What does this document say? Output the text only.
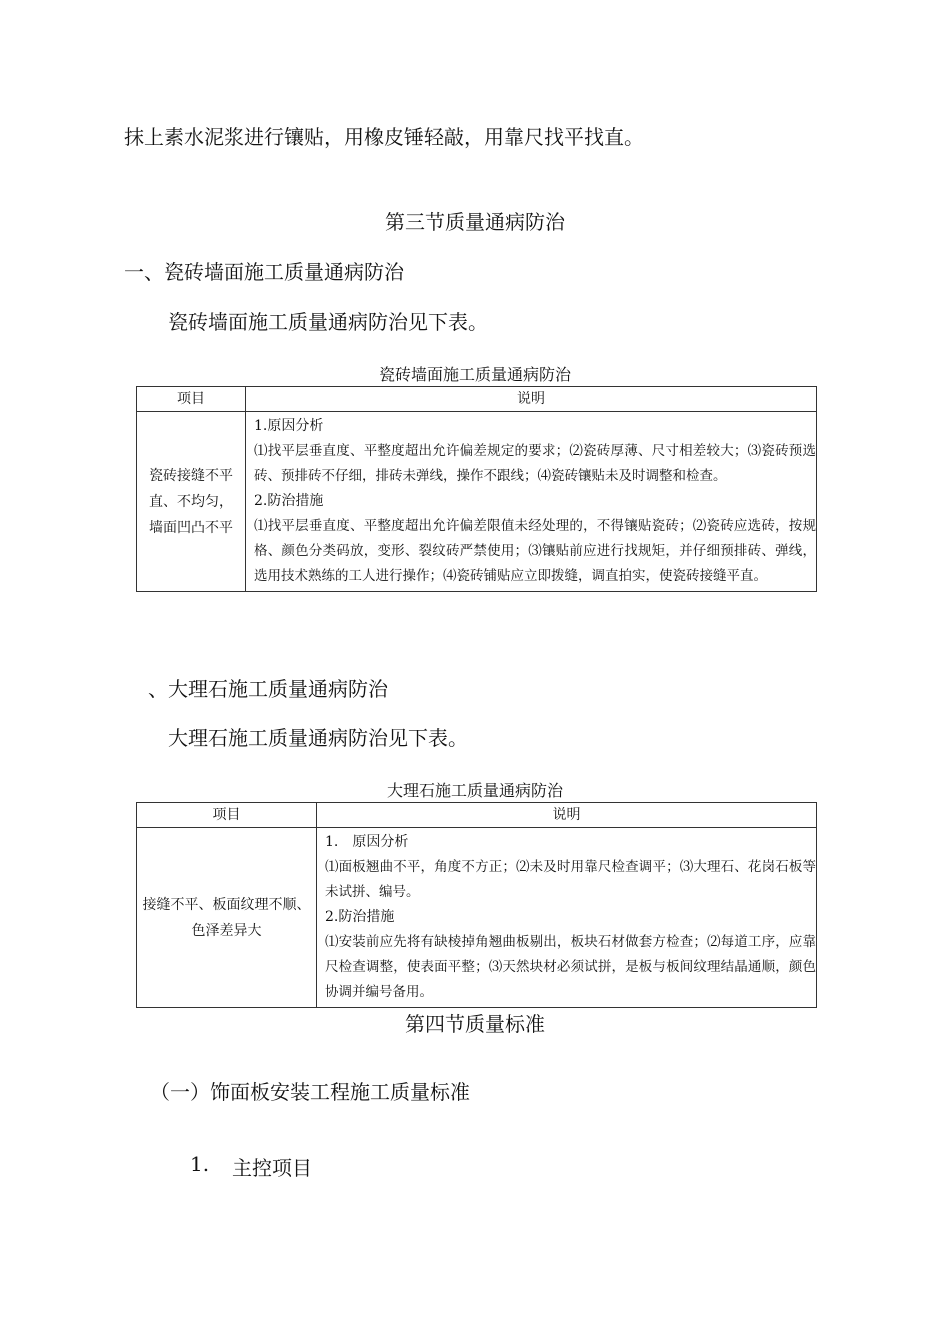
抹上素水泥浆进行镶贴，用橡皮锤轻敲，用靠尺找平找直。
第三节质量通病防治
一、瓷砖墙面施工质量通病防治
瓷砖墙面施工质量通病防治见下表。
瓷砖墙面施工质量通病防治
项目	说明
瓷砖接缝不平直、不均匀，墙面凹凸不平	1.原因分析

⑴找平层垂直度、平整度超出允许偏差规定的要求；⑵瓷砖厚薄、尺寸相差较大；⑶瓷砖预选砖、预排砖不仔细，排砖未弹线，操作不跟线；⑷瓷砖镶贴未及时调整和检查。

2.防治措施

⑴找平层垂直度、平整度超出允许偏差限值未经处理的，不得镶贴瓷砖；⑵瓷砖应选砖，按规格、颜色分类码放，变形、裂纹砖严禁使用；⑶镶贴前应进行找规矩，并仔细预排砖、弹线，选用技术熟练的工人进行操作；⑷瓷砖铺贴应立即拨缝，调直拍实，使瓷砖接缝平直。

、大理石施工质量通病防治
大理石施工质量通病防治见下表。
大理石施工质量通病防治
项目	说明
接缝不平、板面纹理不顺、色泽差异大	1.　原因分析

⑴面板翘曲不平，角度不方正；⑵未及时用靠尺检查调平；⑶大理石、花岗石板等未试拼、编号。

2.防治措施

⑴安装前应先将有缺棱掉角翘曲板剔出，板块石材做套方检查；⑵每道工序，应靠尺检查调整，使表面平整；⑶天然块材必须试拼，是板与板间纹理结晶通顺，颜色协调并编号备用。

第四节质量标准
（一）饰面板安装工程施工质量标准
1. 主控项目
